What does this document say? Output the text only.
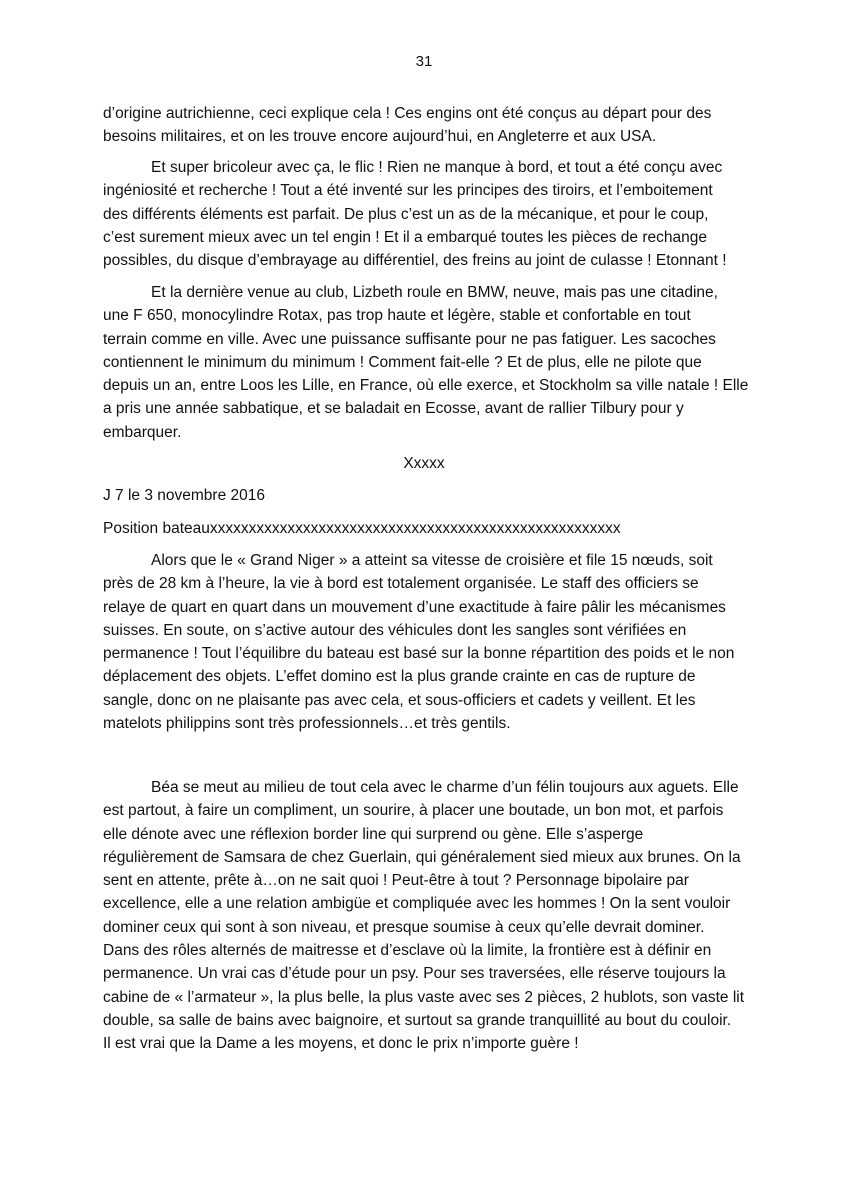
31
d’origine autrichienne, ceci explique cela ! Ces engins ont été conçus au départ pour des
besoins militaires, et on les trouve encore aujourd’hui, en Angleterre et aux USA.
Et super bricoleur avec ça, le flic ! Rien ne manque à bord, et tout a été conçu avec
ingéniosité et recherche ! Tout a été inventé sur les principes des tiroirs, et l’emboitement
des différents éléments est parfait. De plus c’est un as de la mécanique, et pour le coup,
c’est surement mieux avec un tel engin ! Et il a embarqué toutes les pièces de rechange
possibles, du disque d’embrayage au différentiel, des freins au joint de culasse ! Etonnant !
Et la dernière venue au club, Lizbeth roule en BMW, neuve, mais pas une citadine,
une F 650, monocylindre Rotax, pas trop haute et légère, stable et confortable en tout
terrain comme en ville. Avec une puissance suffisante pour ne pas fatiguer. Les sacoches
contiennent le minimum du minimum ! Comment fait-elle ? Et de plus, elle ne pilote que
depuis un an, entre Loos les Lille, en France, où elle exerce, et Stockholm sa ville natale ! Elle
a pris une année sabbatique, et se baladait en Ecosse, avant de rallier Tilbury pour y
embarquer.
Xxxxx
J 7 le 3 novembre 2016
Position bateauxxxxxxxxxxxxxxxxxxxxxxxxxxxxxxxxxxxxxxxxxxxxxxxxxxxxx
Alors que le « Grand Niger » a atteint sa vitesse de croisière et file 15 nœuds, soit
près de 28 km à l’heure, la vie à bord est totalement organisée. Le staff des officiers se
relaye de quart en quart dans un mouvement d’une exactitude à faire pâlir les mécanismes
suisses. En soute, on s’active autour des véhicules dont les sangles sont vérifiées en
permanence ! Tout l’équilibre du bateau est basé sur la bonne répartition des poids et le non
déplacement des objets. L’effet domino est la plus grande crainte en cas de rupture de
sangle, donc on ne plaisante pas avec cela, et sous-officiers et cadets y veillent. Et les
matelots philippins sont très professionnels…et très gentils.
Béa se meut au milieu de tout cela avec le charme d’un félin toujours aux aguets. Elle
est partout, à faire un compliment, un sourire, à placer une boutade, un bon mot, et parfois
elle dénote avec une réflexion border line qui surprend ou gène. Elle s’asperge
régulièrement de Samsara de chez Guerlain, qui généralement sied mieux aux brunes. On la
sent en attente, prête à…on ne sait quoi ! Peut-être à tout ? Personnage bipolaire par
excellence, elle a une relation ambigüe et compliquée avec les hommes ! On la sent vouloir
dominer ceux qui sont à son niveau, et presque soumise à ceux qu’elle devrait dominer.
Dans des rôles alternés de maitresse et d’esclave où la limite, la frontière est à définir en
permanence. Un vrai cas d’étude pour un psy. Pour ses traversées, elle réserve toujours la
cabine de « l’armateur », la plus belle, la plus vaste avec ses 2 pièces, 2 hublots, son vaste lit
double, sa salle de bains avec baignoire, et surtout sa grande tranquillité au bout du couloir.
Il est vrai que la Dame a les moyens, et donc le prix n’importe guère !
